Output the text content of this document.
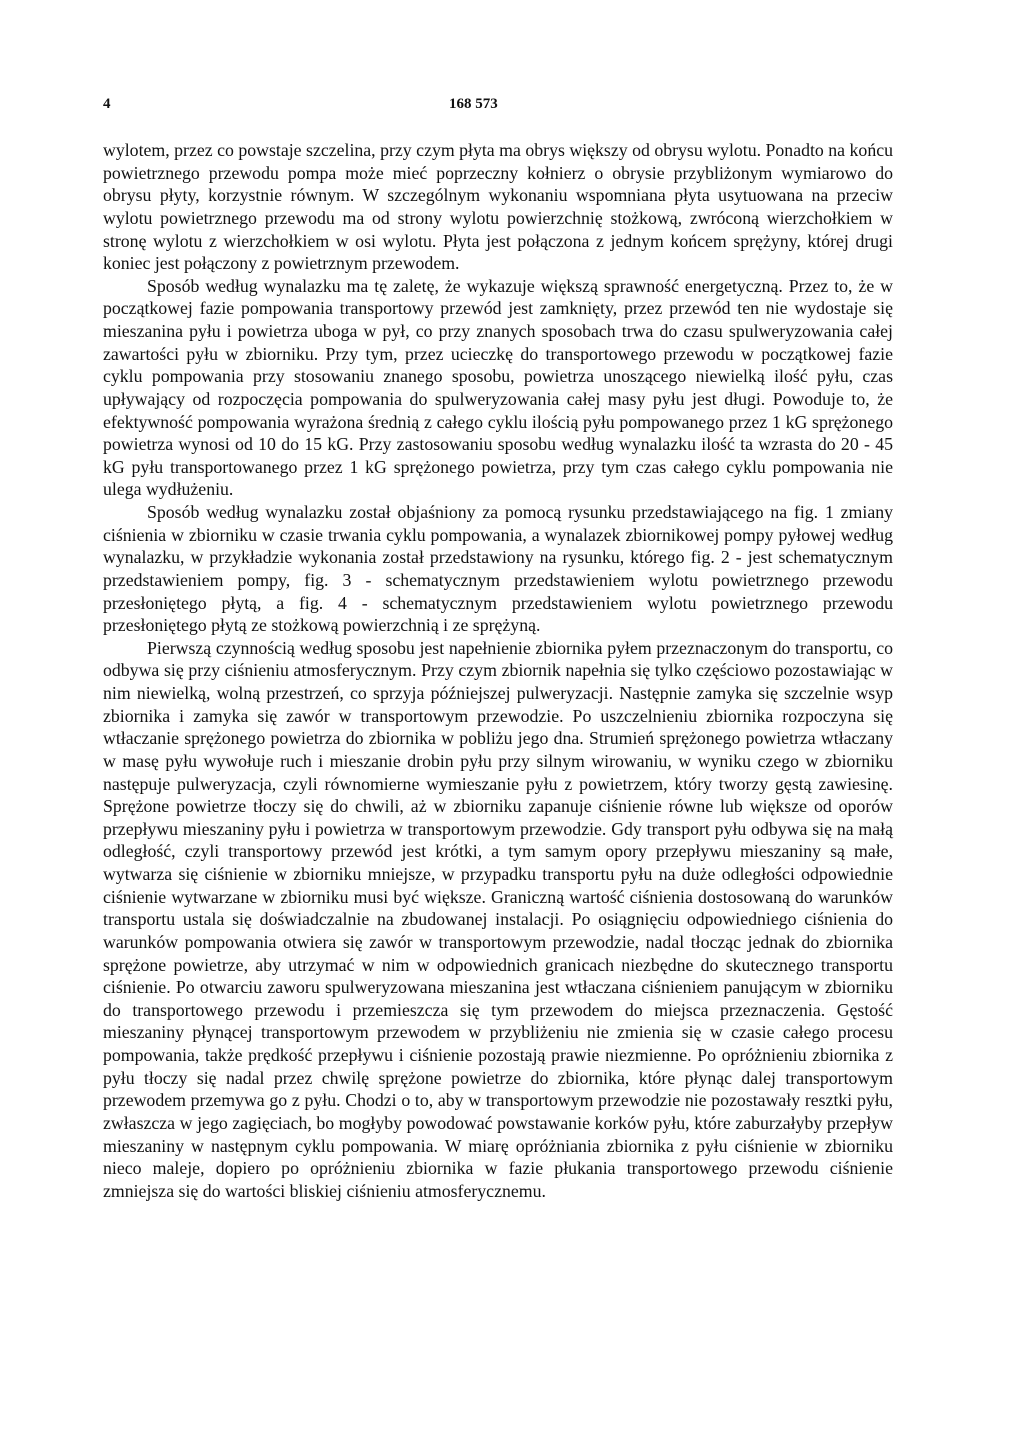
4	168 573

wylotem, przez co powstaje szczelina, przy czym płyta ma obrys większy od obrysu wylotu. Ponadto na końcu powietrznego przewodu pompa może mieć poprzeczny kołnierz o obrysie przybliżonym wymiarowo do obrysu płyty, korzystnie równym. W szczególnym wykonaniu wspomniana płyta usytuowana na przeciw wylotu powietrznego przewodu ma od strony wylotu powierzchnię stożkową, zwróconą wierzchołkiem w stronę wylotu z wierzchołkiem w osi wylotu. Płyta jest połączona z jednym końcem sprężyny, której drugi koniec jest połączony z powietrznym przewodem.

Sposób według wynalazku ma tę zaletę, że wykazuje większą sprawność energetyczną. Przez to, że w początkowej fazie pompowania transportowy przewód jest zamknięty, przez przewód ten nie wydostaje się mieszanina pyłu i powietrza uboga w pył, co przy znanych sposobach trwa do czasu spulweryzowania całej zawartości pyłu w zbiorniku. Przy tym, przez ucieczkę do transportowego przewodu w początkowej fazie cyklu pompowania przy stosowaniu znanego sposobu, powietrza unoszącego niewielką ilość pyłu, czas upływający od rozpoczęcia pompowania do spulweryzowania całej masy pyłu jest długi. Powoduje to, że efektywność pompowania wyrażona średnią z całego cyklu ilością pyłu pompowanego przez 1 kG sprężonego powietrza wynosi od 10 do 15 kG. Przy zastosowaniu sposobu według wynalazku ilość ta wzrasta do 20 - 45 kG pyłu transportowanego przez 1 kG sprężonego powietrza, przy tym czas całego cyklu pompowania nie ulega wydłużeniu.

Sposób według wynalazku został objaśniony za pomocą rysunku przedstawiającego na fig. 1 zmiany ciśnienia w zbiorniku w czasie trwania cyklu pompowania, a wynalazek zbiornikowej pompy pyłowej według wynalazku, w przykładzie wykonania został przedstawiony na rysunku, którego fig. 2 - jest schematycznym przedstawieniem pompy, fig. 3 - schematycznym przedstawieniem wylotu powietrznego przewodu przesłoniętego płytą, a fig. 4 - schematycznym przedstawieniem wylotu powietrznego przewodu przesłoniętego płytą ze stożkową powierzchnią i ze sprężyną.

Pierwszą czynnością według sposobu jest napełnienie zbiornika pyłem przeznaczonym do transportu, co odbywa się przy ciśnieniu atmosferycznym. Przy czym zbiornik napełnia się tylko częściowo pozostawiając w nim niewielką, wolną przestrzeń, co sprzyja późniejszej pulweryzacji. Następnie zamyka się szczelnie wsyp zbiornika i zamyka się zawór w transportowym przewodzie. Po uszczelnieniu zbiornika rozpoczyna się wtłaczanie sprężonego powietrza do zbiornika w pobliżu jego dna. Strumień sprężonego powietrza wtłaczany w masę pyłu wywołuje ruch i mieszanie drobin pyłu przy silnym wirowaniu, w wyniku czego w zbiorniku następuje pulweryzacja, czyli równomierne wymieszanie pyłu z powietrzem, który tworzy gęstą zawiesinę. Sprężone powietrze tłoczy się do chwili, aż w zbiorniku zapanuje ciśnienie równe lub większe od oporów przepływu mieszaniny pyłu i powietrza w transportowym przewodzie. Gdy transport pyłu odbywa się na małą odległość, czyli transportowy przewód jest krótki, a tym samym opory przepływu mieszaniny są małe, wytwarza się ciśnienie w zbiorniku mniejsze, w przypadku transportu pyłu na duże odległości odpowiednie ciśnienie wytwarzane w zbiorniku musi być większe. Graniczną wartość ciśnienia dostosowaną do warunków transportu ustala się doświadczalnie na zbudowanej instalacji. Po osiągnięciu odpowiedniego ciśnienia do warunków pompowania otwiera się zawór w transportowym przewodzie, nadal tłocząc jednak do zbiornika sprężone powietrze, aby utrzymać w nim w odpowiednich granicach niezbędne do skutecznego transportu ciśnienie. Po otwarciu zaworu spulweryzowana mieszanina jest wtłaczana ciśnieniem panującym w zbiorniku do transportowego przewodu i przemieszcza się tym przewodem do miejsca przeznaczenia. Gęstość mieszaniny płynącej transportowym przewodem w przybliżeniu nie zmienia się w czasie całego procesu pompowania, także prędkość przepływu i ciśnienie pozostają prawie niezmienne. Po opróżnieniu zbiornika z pyłu tłoczy się nadal przez chwilę sprężone powietrze do zbiornika, które płynąc dalej transportowym przewodem przemywa go z pyłu. Chodzi o to, aby w transportowym przewodzie nie pozostawały resztki pyłu, zwłaszcza w jego zagięciach, bo mogłyby powodować powstawanie korków pyłu, które zaburzałyby przepływ mieszaniny w następnym cyklu pompowania. W miarę opróżniania zbiornika z pyłu ciśnienie w zbiorniku nieco maleje, dopiero po opróżnieniu zbiornika w fazie płukania transportowego przewodu ciśnienie zmniejsza się do wartości bliskiej ciśnieniu atmosferycznemu.
